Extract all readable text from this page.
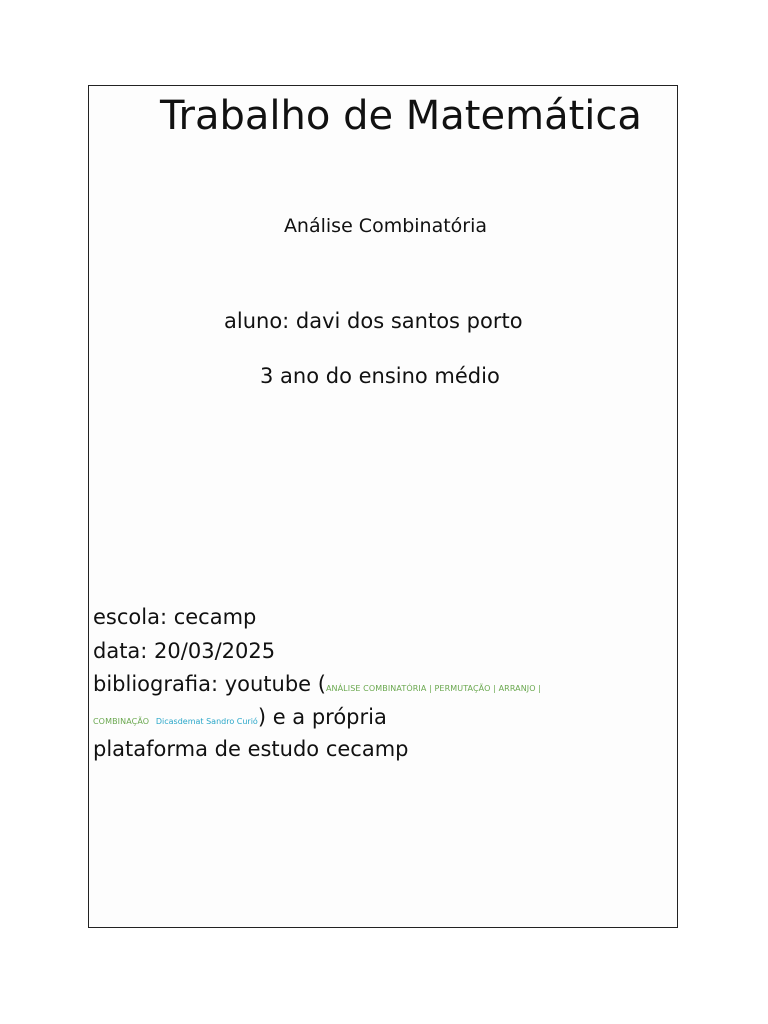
Trabalho de Matemática
Análise Combinatória
aluno: davi dos santos porto
3 ano do ensino médio
escola: cecamp
data: 20/03/2025
bibliografia: youtube (ANÁLISE COMBINATÓRIA | PERMUTAÇÃO | ARRANJO |
COMBINAÇÃO Dicasdemat Sandro Curió) e a própria
plataforma de estudo cecamp
